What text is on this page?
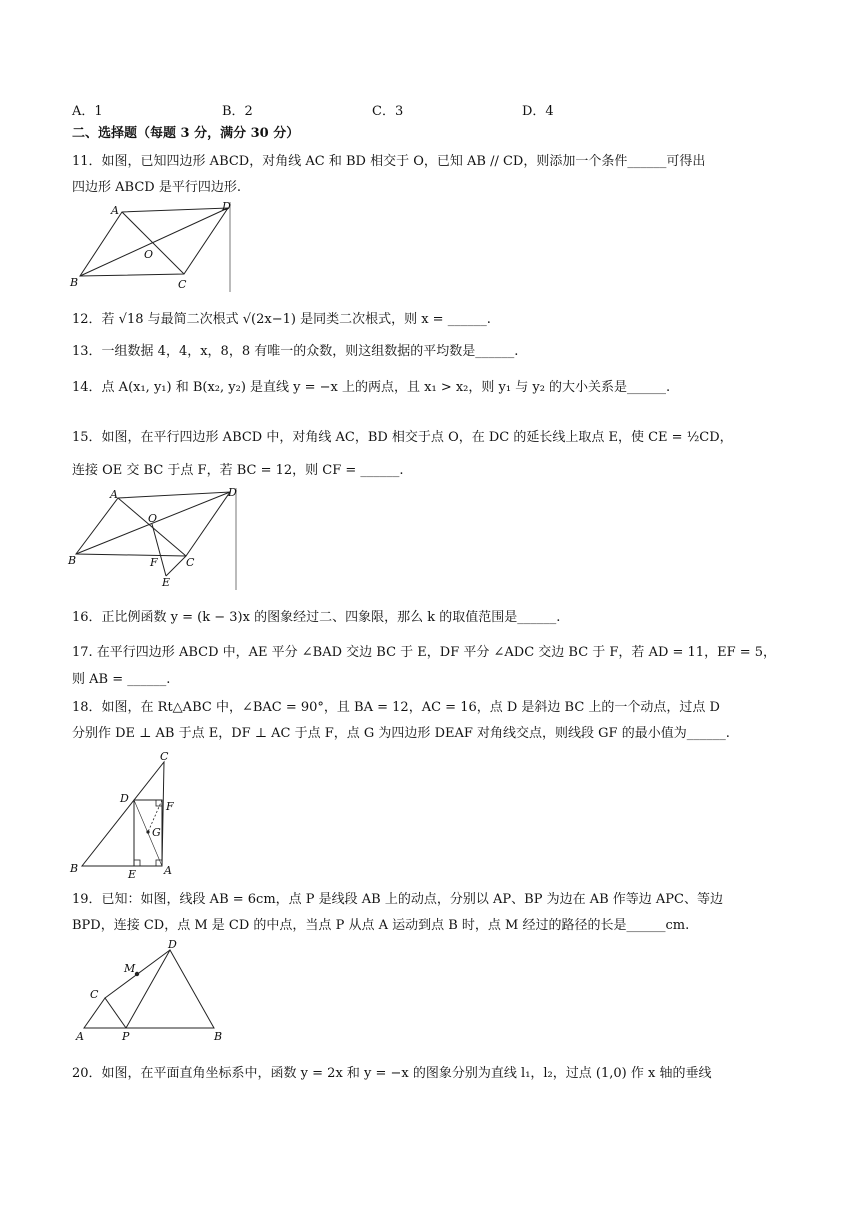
A．1	B．2	C．3	D．4
二、选择题（每题 3 分，满分 30 分）
11．如图，已知四边形 ABCD，对角线 AC 和 BD 相交于 O，已知 AB // CD，则添加一个条件______可得出
四边形 ABCD 是平行四边形.
A	D
O
B	C
12．若 √18 与最简二次根式 √(2x−1) 是同类二次根式，则 x = ______.
13．一组数据 4，4，x，8，8 有唯一的众数，则这组数据的平均数是______.
14．点 A(x₁, y₁) 和 B(x₂, y₂) 是直线 y = −x 上的两点，且 x₁ > x₂，则 y₁ 与 y₂ 的大小关系是______.
15．如图，在平行四边形 ABCD 中，对角线 AC，BD 相交于点 O，在 DC 的延长线上取点 E，使 CE = ½CD，
连接 OE 交 BC 于点 F，若 BC = 12，则 CF = ______.
A	D
O
B	F	C
E
16．正比例函数 y = (k − 3)x 的图象经过二、四象限，那么 k 的取值范围是______.
17. 在平行四边形 ABCD 中，AE 平分 ∠BAD 交边 BC 于 E，DF 平分 ∠ADC 交边 BC 于 F，若 AD = 11，EF = 5，
则 AB = ______.
18．如图，在 Rt△ABC 中，∠BAC = 90°，且 BA = 12，AC = 16，点 D 是斜边 BC 上的一个动点，过点 D
分别作 DE ⊥ AB 于点 E，DF ⊥ AC 于点 F，点 G 为四边形 DEAF 对角线交点，则线段 GF 的最小值为______.
C
D
F
G
B	E	A
19．已知：如图，线段 AB = 6cm，点 P 是线段 AB 上的动点，分别以 AP、BP 为边在 AB 作等边 APC、等边
BPD，连接 CD，点 M 是 CD 的中点，当点 P 从点 A 运动到点 B 时，点 M 经过的路径的长是______cm.
D
M
C
A	P	B
20．如图，在平面直角坐标系中，函数 y = 2x 和 y = −x 的图象分别为直线 l₁，l₂，过点 (1,0) 作 x 轴的垂线
